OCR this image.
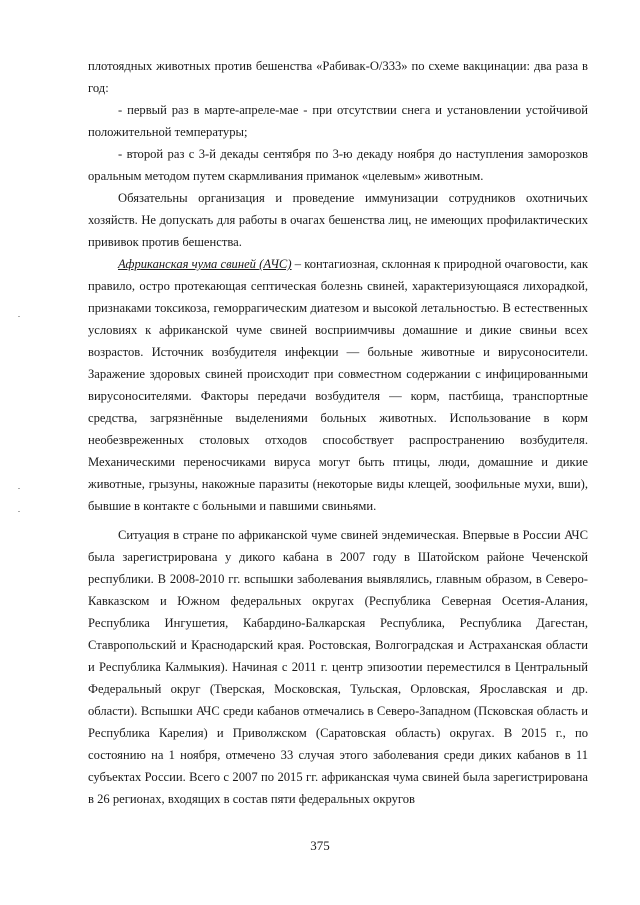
плотоядных животных против бешенства «Рабивак-О/333» по схеме вакцинации: два раза в год:

- первый раз в марте-апреле-мае - при отсутствии снега и установлении устойчивой положительной температуры;

- второй раз с 3-й декады сентября по 3-ю декаду ноября до наступления заморозков оральным методом путем скармливания приманок «целевым» животным.

Обязательны организация и проведение иммунизации сотрудников охотничьих хозяйств. Не допускать для работы в очагах бешенства лиц, не имеющих профилактических прививок против бешенства.

Африканская чума свиней (АЧС) – контагиозная, склонная к природной очаговости, как правило, остро протекающая септическая болезнь свиней, характеризующаяся лихорадкой, признаками токсикоза, геморрагическим диатезом и высокой летальностью. В естественных условиях к африканской чуме свиней восприимчивы домашние и дикие свиньи всех возрастов. Источник возбудителя инфекции — больные животные и вирусоносители. Заражение здоровых свиней происходит при совместном содержании с инфицированными вирусоносителями. Факторы передачи возбудителя — корм, пастбища, транспортные средства, загрязнённые выделениями больных животных. Использование в корм необезвреженных столовых отходов способствует распространению возбудителя. Механическими переносчиками вируса могут быть птицы, люди, домашние и дикие животные, грызуны, накожные паразиты (некоторые виды клещей, зоофильные мухи, вши), бывшие в контакте с больными и павшими свиньями.

Ситуация в стране по африканской чуме свиней эндемическая. Впервые в России АЧС была зарегистрирована у дикого кабана в 2007 году в Шатойском районе Чеченской республики. В 2008-2010 гг. вспышки заболевания выявлялись, главным образом, в Северо-Кавказском и Южном федеральных округах (Республика Северная Осетия-Алания, Республика Ингушетия, Кабардино-Балкарская Республика, Республика Дагестан, Ставропольский и Краснодарский края. Ростовская, Волгоградская и Астраханская области и Республика Калмыкия). Начиная с 2011 г. центр эпизоотии переместился в Центральный Федеральный округ (Тверская, Московская, Тульская, Орловская, Ярославская и др. области). Вспышки АЧС среди кабанов отмечались в Северо-Западном (Псковская область и Республика Карелия) и Приволжском (Саратовская область) округах. В 2015 г., по состоянию на 1 ноября, отмечено 33 случая этого заболевания среди диких кабанов в 11 субъектах России. Всего с 2007 по 2015 гг. африканская чума свиней была зарегистрирована в 26 регионах, входящих в состав пяти федеральных округов

375
